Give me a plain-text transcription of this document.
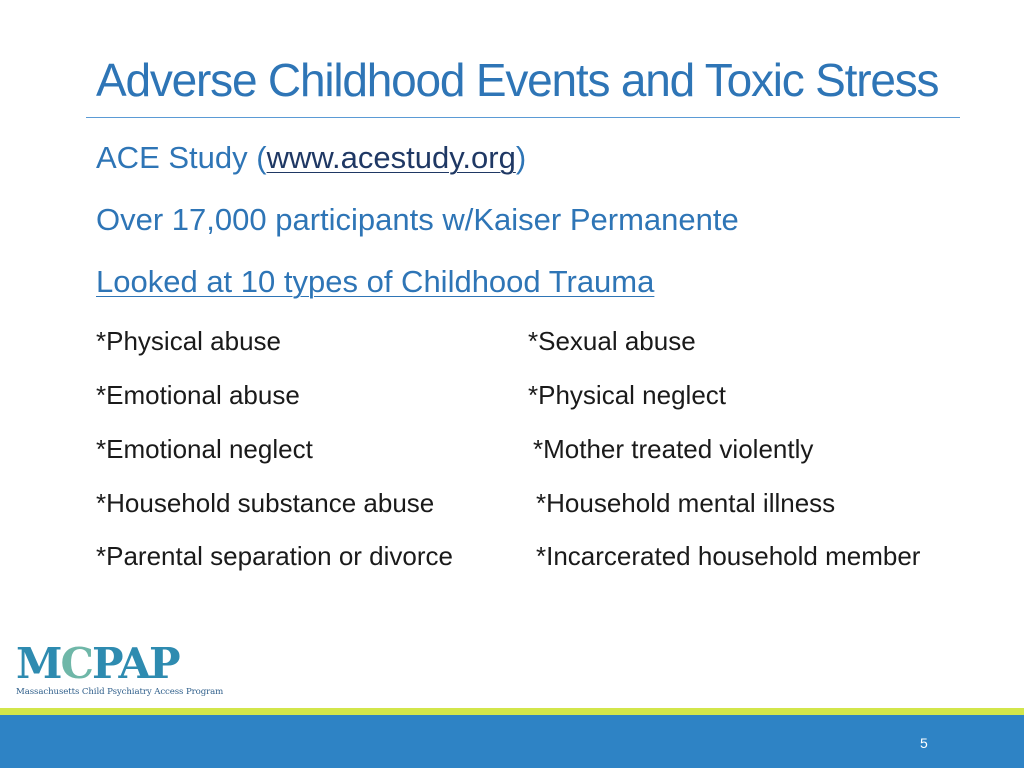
Adverse Childhood Events and Toxic Stress
ACE Study (www.acestudy.org)
Over 17,000 participants w/Kaiser Permanente
Looked at 10 types of Childhood Trauma
*Physical abuse	*Sexual abuse
*Emotional abuse	*Physical neglect
*Emotional neglect	*Mother treated violently
*Household substance abuse	*Household mental illness
*Parental separation or divorce	*Incarcerated household member
MCPAP
Massachusetts Child Psychiatry Access Program
5
